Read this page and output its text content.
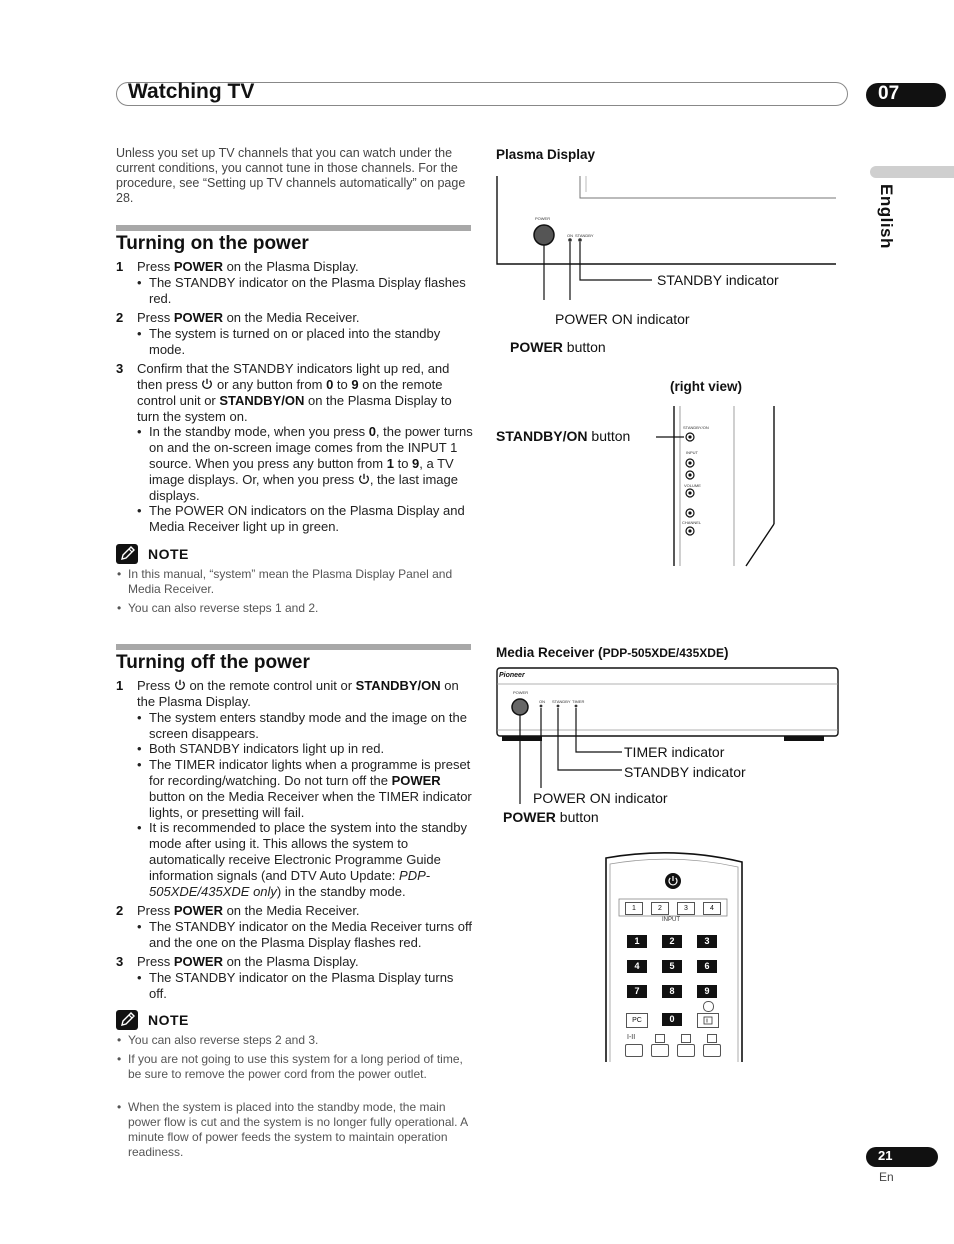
Watching TV	07
English
Unless you set up TV channels that you can watch under the current conditions, you cannot tune in those channels. For the procedure, see “Setting up TV channels automatically” on page 28.
Turning on the power
1 Press POWER on the Plasma Display.
• The STANDBY indicator on the Plasma Display flashes red.
2 Press POWER on the Media Receiver.
• The system is turned on or placed into the standby mode.
3 Confirm that the STANDBY indicators light up red, and then press  or any button from 0 to 9 on the remote control unit or STANDBY/ON on the Plasma Display to turn the system on.
• In the standby mode, when you press 0, the power turns on and the on-screen image comes from the INPUT 1 source. When you press any button from 1 to 9, a TV image displays. Or, when you press , the last image displays.
• The POWER ON indicators on the Plasma Display and Media Receiver light up in green.
NOTE
• In this manual, “system” mean the Plasma Display Panel and Media Receiver.
• You can also reverse steps 1 and 2.
Turning off the power
1 Press  on the remote control unit or STANDBY/ON on the Plasma Display.
• The system enters standby mode and the image on the screen disappears.
• Both STANDBY indicators light up in red.
• The TIMER indicator lights when a programme is preset for recording/watching. Do not turn off the POWER button on the Media Receiver when the TIMER indicator lights, or presetting will fail.
• It is recommended to place the system into the standby mode after using it. This allows the system to automatically receive Electronic Programme Guide information signals (and DTV Auto Update: PDP-505XDE/435XDE only) in the standby mode.
2 Press POWER on the Media Receiver.
• The STANDBY indicator on the Media Receiver turns off and the one on the Plasma Display flashes red.
3 Press POWER on the Plasma Display.
• The STANDBY indicator on the Plasma Display turns off.
NOTE
• You can also reverse steps 2 and 3.
• If you are not going to use this system for a long period of time, be sure to remove the power cord from the power outlet.
• When the system is placed into the standby mode, the main power flow is cut and the system is no longer fully operational. A minute flow of power feeds the system to maintain operation readiness.
Plasma Display
POWER
ON STANDBY
STANDBY indicator
POWER ON indicator
POWER button
(right view)
STANDBY/ON
INPUT
VOLUME
CHANNEL
STANDBY/ON button
Media Receiver (PDP-505XDE/435XDE)
Pioneer
POWER
ON STANDBY TIMER
TIMER indicator
STANDBY indicator
POWER ON indicator
POWER button
1	2	3	4
INPUT
1	2	3
4	5	6
7	8	9
PC	0
I-II
21
En
